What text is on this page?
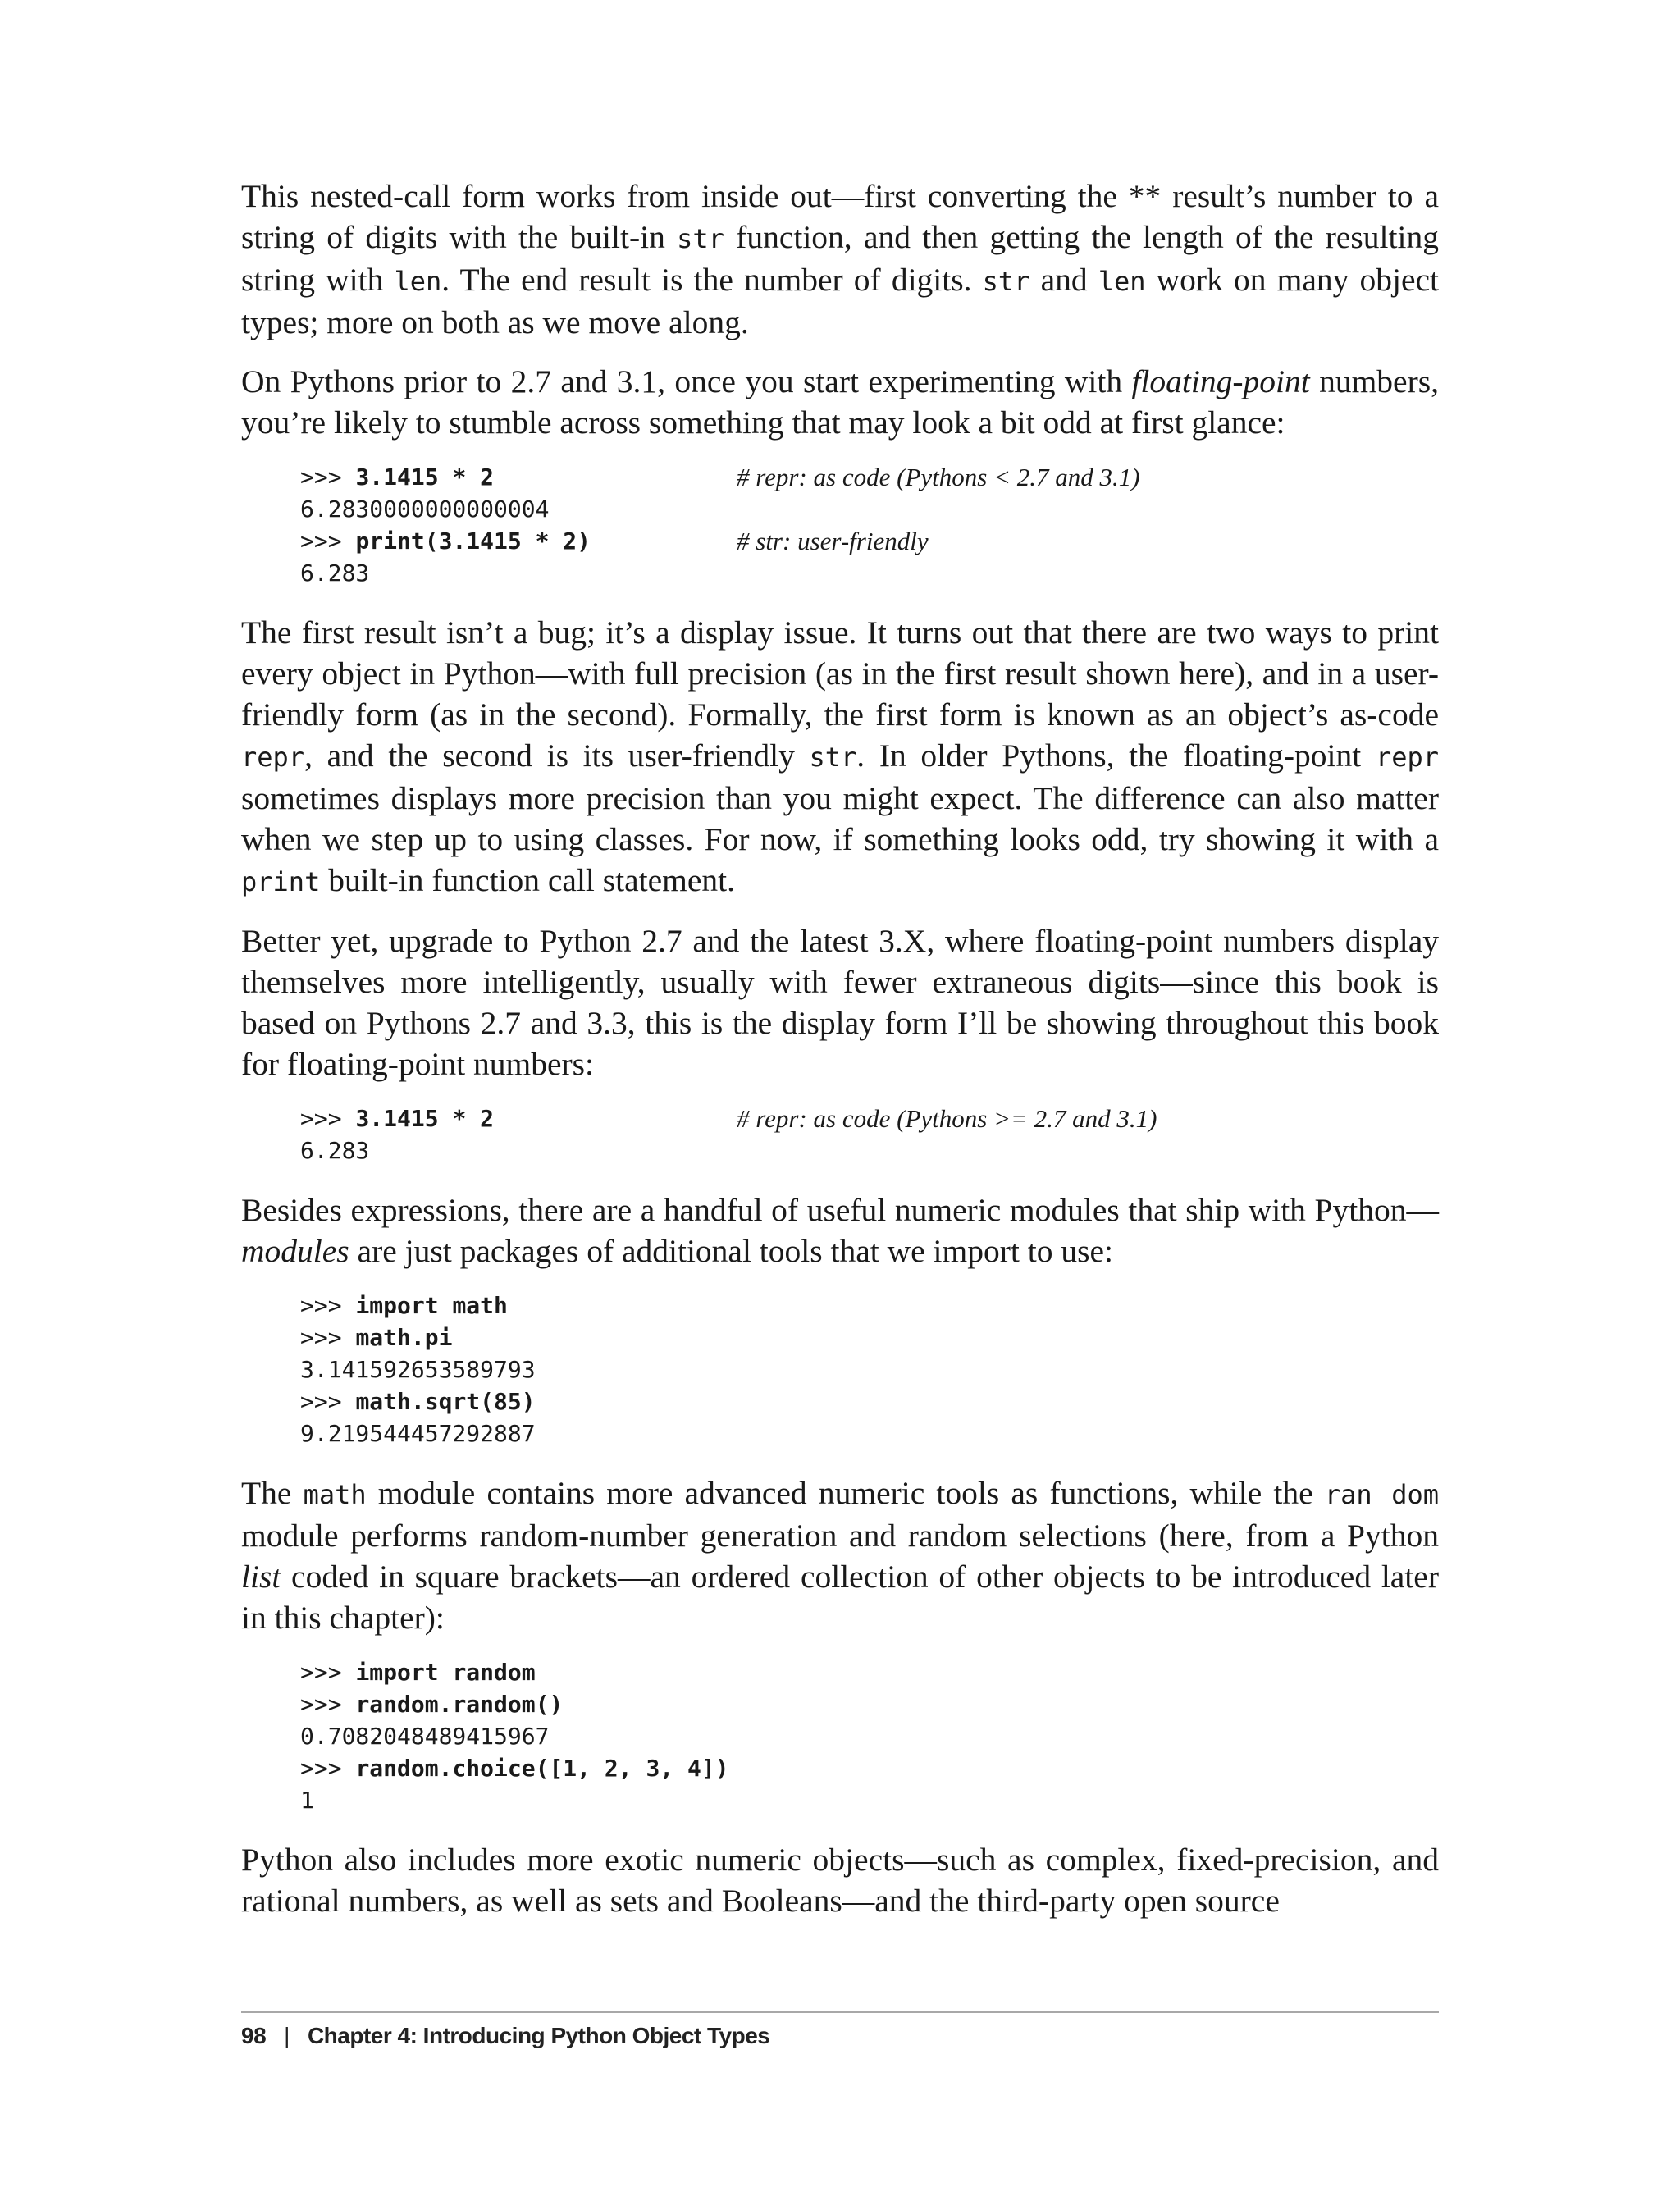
This nested-call form works from inside out—first converting the ** result’s number to a string of digits with the built-in str function, and then getting the length of the resulting string with len. The end result is the number of digits. str and len work on many object types; more on both as we move along.

On Pythons prior to 2.7 and 3.1, once you start experimenting with floating-point numbers, you’re likely to stumble across something that may look a bit odd at first glance:

>>> 3.1415 * 2	# repr: as code (Pythons < 2.7 and 3.1)
6.2830000000000004
>>> print(3.1415 * 2)	# str: user-friendly
6.283

The first result isn’t a bug; it’s a display issue. It turns out that there are two ways to print every object in Python—with full precision (as in the first result shown here), and in a user-friendly form (as in the second). Formally, the first form is known as an object’s as-code repr, and the second is its user-friendly str. In older Pythons, the floating-point repr sometimes displays more precision than you might expect. The difference can also matter when we step up to using classes. For now, if something looks odd, try showing it with a print built-in function call statement.

Better yet, upgrade to Python 2.7 and the latest 3.X, where floating-point numbers display themselves more intelligently, usually with fewer extraneous digits—since this book is based on Pythons 2.7 and 3.3, this is the display form I’ll be showing throughout this book for floating-point numbers:

>>> 3.1415 * 2	# repr: as code (Pythons >= 2.7 and 3.1)
6.283

Besides expressions, there are a handful of useful numeric modules that ship with Python—modules are just packages of additional tools that we import to use:

>>> import math
>>> math.pi
3.141592653589793
>>> math.sqrt(85)
9.219544457292887

The math module contains more advanced numeric tools as functions, while the ran dom module performs random-number generation and random selections (here, from a Python list coded in square brackets—an ordered collection of other objects to be introduced later in this chapter):

>>> import random
>>> random.random()
0.7082048489415967
>>> random.choice([1, 2, 3, 4])
1

Python also includes more exotic numeric objects—such as complex, fixed-precision, and rational numbers, as well as sets and Booleans—and the third-party open source

98 | Chapter 4: Introducing Python Object Types
